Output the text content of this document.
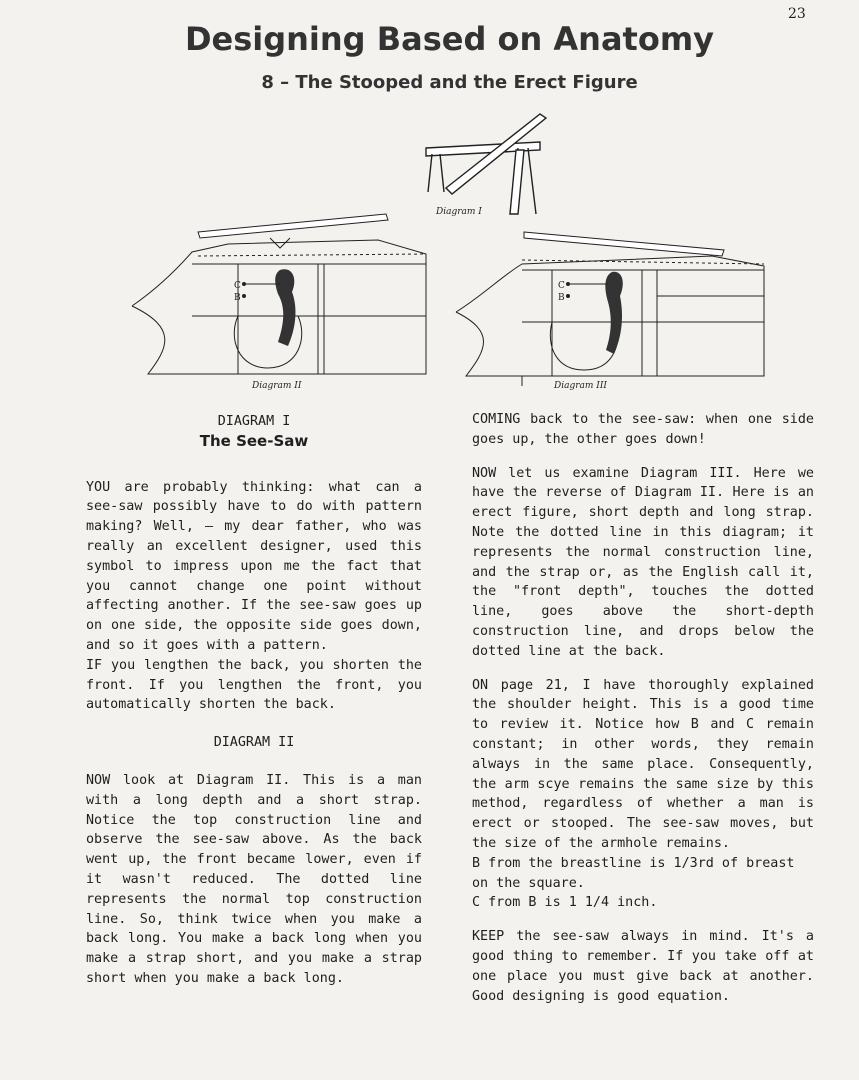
23
Designing Based on Anatomy
8 – The Stooped and the Erect Figure
Diagram I
C
B
Diagram II
C
B
Diagram III

DIAGRAM I

The See-Saw

YOU are probably thinking: what can a see-saw possibly have to do with pattern making? Well, — my dear father, who was really an excellent designer, used this symbol to impress upon me the fact that you cannot change one point without affecting another. If the see-saw goes up on one side, the opposite side goes down, and so it goes with a pattern.

IF you lengthen the back, you shorten the front. If you lengthen the front, you automatically shorten the back.

DIAGRAM II

NOW look at Diagram II. This is a man with a long depth and a short strap. Notice the top construction line and observe the see-saw above. As the back went up, the front became lower, even if it wasn't reduced. The dotted line represents the normal top construction line. So, think twice when you make a back long. You make a back long when you make a strap short, and you make a strap short when you make a back long.

COMING back to the see-saw: when one side goes up, the other goes down!

NOW let us examine Diagram III. Here we have the reverse of Diagram II. Here is an erect figure, short depth and long strap. Note the dotted line in this diagram; it represents the normal construction line, and the strap or, as the English call it, the "front depth", touches the dotted line, goes above the short-depth construction line, and drops below the dotted line at the back.

ON page 21, I have thoroughly explained the shoulder height. This is a good time to review it. Notice how B and C remain constant; in other words, they remain always in the same place. Consequently, the arm scye remains the same size by this method, regardless of whether a man is erect or stooped. The see-saw moves, but the size of the armhole remains.

B from the breastline is 1/3rd of breast on the square.

C from B is 1 1/4 inch.

KEEP the see-saw always in mind. It's a good thing to remember. If you take off at one place you must give back at another. Good designing is good equation.
